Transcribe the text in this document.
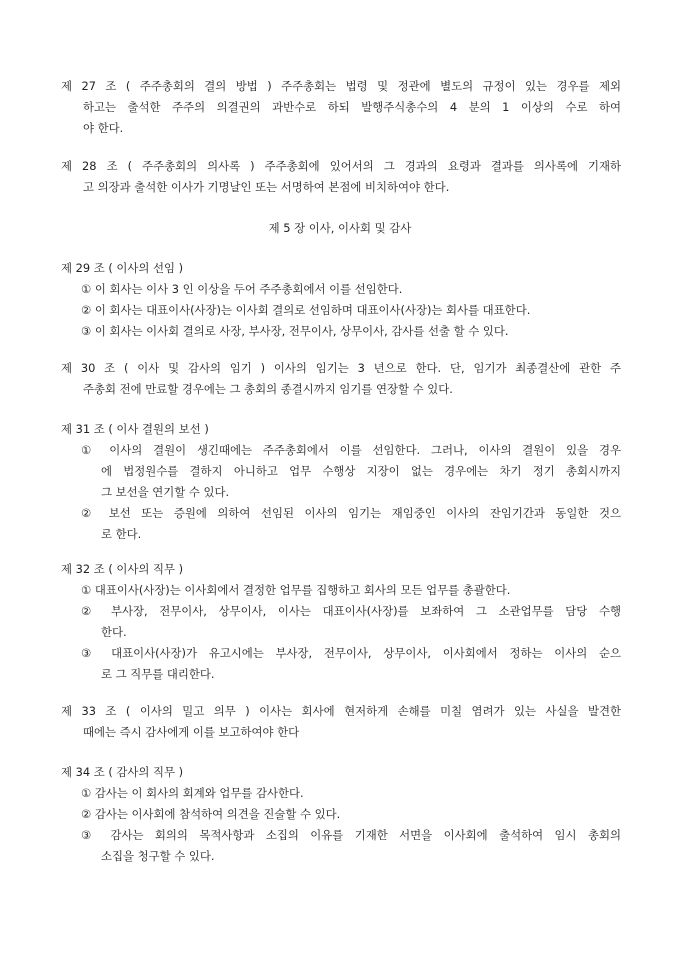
제 27 조 ( 주주총회의 결의 방법 ) 주주총회는 법령 및 정관에 별도의 규정이 있는 경우를 제외
하고는 출석한 주주의 의결권의 과반수로 하되 발행주식총수의 4 분의 1 이상의 수로 하여
야 한다.
제 28 조 ( 주주총회의 의사록 ) 주주총회에 있어서의 그 경과의 요령과 결과를 의사록에 기재하
고 의장과 출석한 이사가 기명날인 또는 서명하여 본점에 비치하여야 한다.
제 5 장 이사, 이사회 및 감사
제 29 조 ( 이사의 선임 )
① 이 회사는 이사 3 인 이상을 두어 주주총회에서 이를 선임한다.
② 이 회사는 대표이사(사장)는 이사회 결의로 선임하며 대표이사(사장)는 회사를 대표한다.
③ 이 회사는 이사회 결의로 사장, 부사장, 전무이사, 상무이사, 감사를 선출 할 수 있다.
제 30 조 ( 이사 및 감사의 임기 ) 이사의 임기는 3 년으로 한다. 단, 임기가 최종결산에 관한 주
주총회 전에 만료할 경우에는 그 총회의 종결시까지 임기를 연장할 수 있다.
제 31 조 ( 이사 결원의 보선 )
① 이사의 결원이 생긴때에는 주주총회에서 이를 선임한다. 그러나, 이사의 결원이 있을 경우
에 법정원수를 결하지 아니하고 업무 수행상 지장이 없는 경우에는 차기 정기 총회시까지
그 보선을 연기할 수 있다.
② 보선 또는 증원에 의하여 선임된 이사의 임기는 재임중인 이사의 잔임기간과 동일한 것으
로 한다.
제 32 조 ( 이사의 직무 )
① 대표이사(사장)는 이사회에서 결정한 업무를 집행하고 회사의 모든 업무를 총괄한다.
② 부사장, 전무이사, 상무이사, 이사는 대표이사(사장)를 보좌하여 그 소관업무를 담당 수행
한다.
③ 대표이사(사장)가 유고시에는 부사장, 전무이사, 상무이사, 이사회에서 정하는 이사의 순으
로 그 직무를 대리한다.
제 33 조 ( 이사의 밀고 의무 ) 이사는 회사에 현저하게 손해를 미칠 염려가 있는 사실을 발견한
때에는 즉시 감사에게 이를 보고하여야 한다
제 34 조 ( 감사의 직무 )
① 감사는 이 회사의 회계와 업무를 감사한다.
② 감사는 이사회에 참석하여 의견을 진술할 수 있다.
③ 감사는 회의의 목적사항과 소집의 이유를 기재한 서면을 이사회에 출석하여 임시 총회의
소집을 청구할 수 있다.
